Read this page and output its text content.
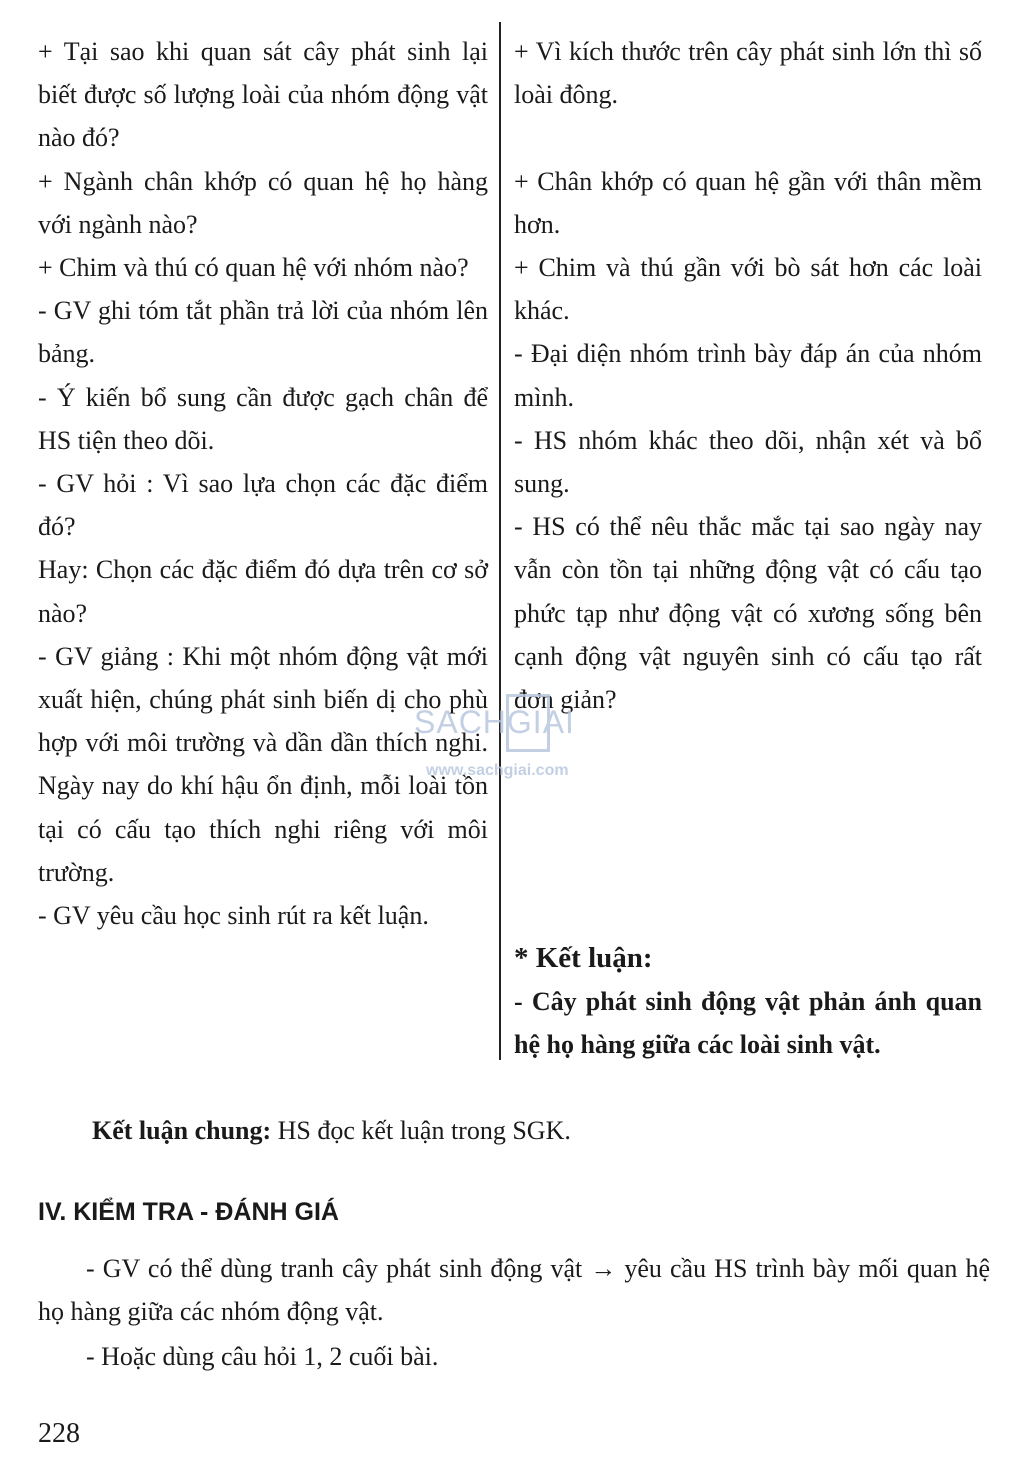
+ Tại sao khi quan sát cây phát sinh lại biết được số lượng loài của nhóm động vật nào đó?

+ Ngành chân khớp có quan hệ họ hàng với ngành nào?

+ Chim và thú có quan hệ với nhóm nào?

- GV ghi tóm tắt phần trả lời của nhóm lên bảng.

- Ý kiến bổ sung cần được gạch chân để HS tiện theo dõi.

- GV hỏi : Vì sao lựa chọn các đặc điểm đó?

Hay: Chọn các đặc điểm đó dựa trên cơ sở nào?

- GV giảng : Khi một nhóm động vật mới xuất hiện, chúng phát sinh biến dị cho phù hợp với môi trường và dần dần thích nghi. Ngày nay do khí hậu ổn định, mỗi loài tồn tại có cấu tạo thích nghi riêng với môi trường.

- GV yêu cầu học sinh rút ra kết luận.

+ Vì kích thước trên cây phát sinh lớn thì số loài đông.

+ Chân khớp có quan hệ gần với thân mềm hơn.

+ Chim và thú gần với bò sát hơn các loài khác.

- Đại diện nhóm trình bày đáp án của nhóm mình.

- HS nhóm khác theo dõi, nhận xét và bổ sung.

- HS có thể nêu thắc mắc tại sao ngày nay vẫn còn tồn tại những động vật có cấu tạo phức tạp như động vật có xương sống bên cạnh động vật nguyên sinh có cấu tạo rất đơn giản?

* Kết luận:

- Cây phát sinh động vật phản ánh quan hệ họ hàng giữa các loài sinh vật.

SACHGIAI
www.sachgiai.com

Kết luận chung: HS đọc kết luận trong SGK.

IV. KIỂM TRA - ĐÁNH GIÁ

- GV có thể dùng tranh cây phát sinh động vật → yêu cầu HS trình bày mối quan hệ họ hàng giữa các nhóm động vật.

- Hoặc dùng câu hỏi 1, 2 cuối bài.

228
